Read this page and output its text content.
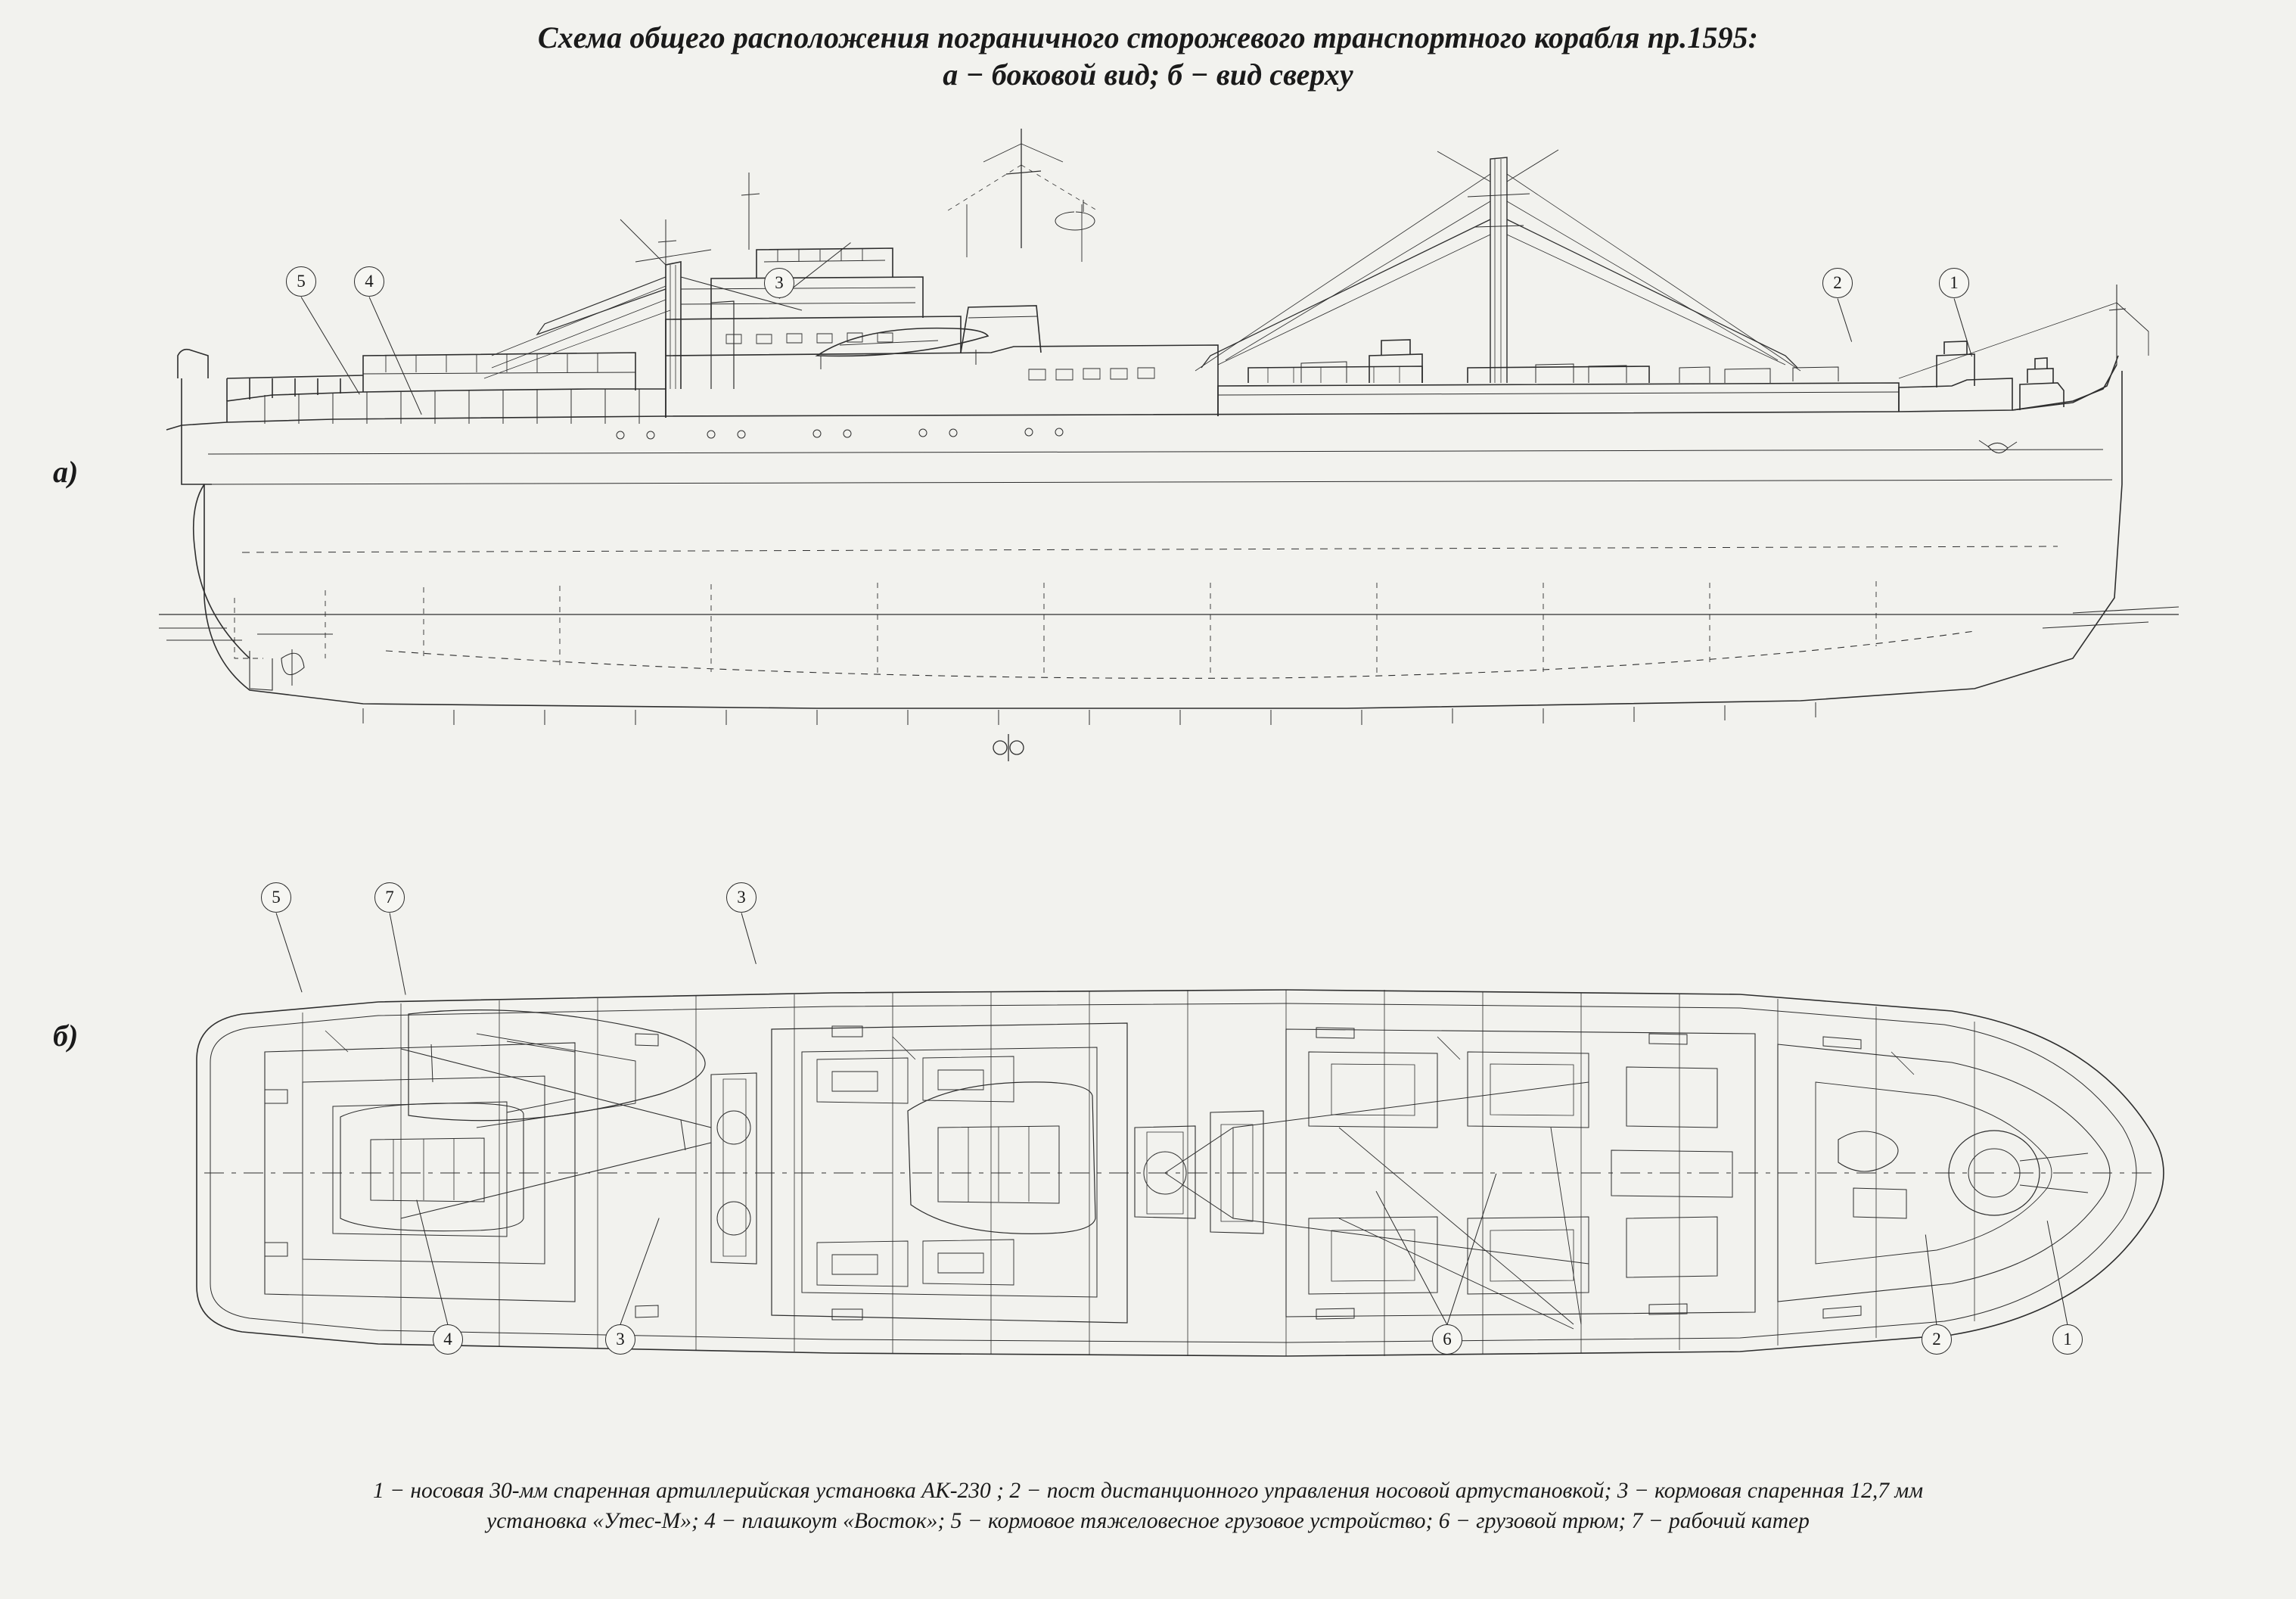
Схема общего расположения пограничного сторожевого транспортного корабля пр.1595:
а − боковой вид; б − вид сверху
а)
б)
5	4	3	2	1
5	7	3
4	3	6	2	1
1 − носовая 30-мм спаренная артиллерийская установка АК-230 ; 2 − пост дистанционного управления носовой артустановкой; 3 − кормовая спаренная 12,7 мм
установка «Утес-М»; 4 − плашкоут «Восток»; 5 − кормовое тяжеловесное грузовое устройство; 6 − грузовой трюм; 7 − рабочий катер
